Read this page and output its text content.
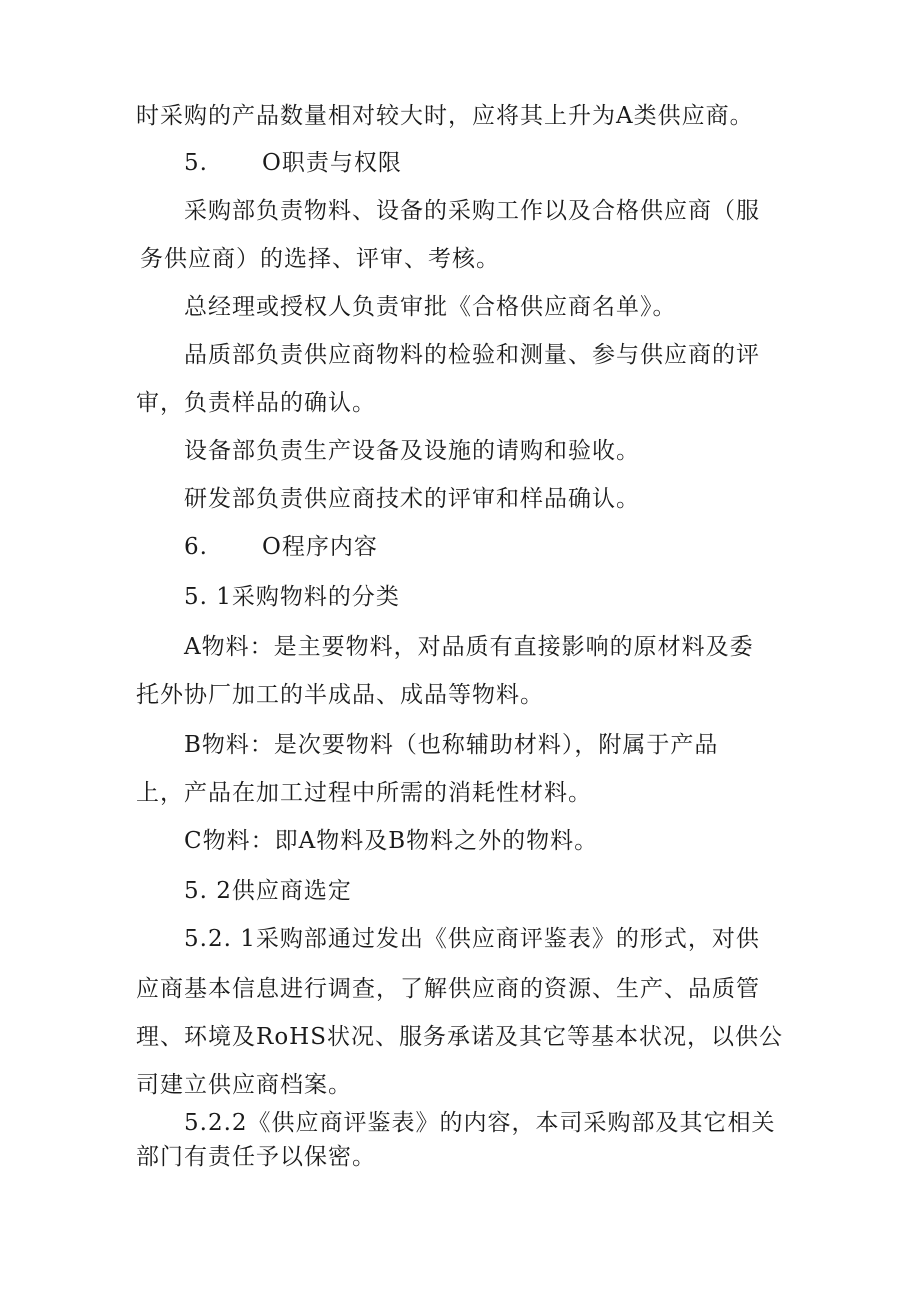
时采购的产品数量相对较大时，应将其上升为A类供应商。

5. O职责与权限

采购部负责物料、设备的采购工作以及合格供应商（服

务供应商）的选择、评审、考核。

总经理或授权人负责审批《合格供应商名单》。

品质部负责供应商物料的检验和测量、参与供应商的评

审，负责样品的确认。

设备部负责生产设备及设施的请购和验收。

研发部负责供应商技术的评审和样品确认。

6. O程序内容

5. 1采购物料的分类

A物料：是主要物料，对品质有直接影响的原材料及委

托外协厂加工的半成品、成品等物料。

B物料：是次要物料（也称辅助材料），附属于产品

上，产品在加工过程中所需的消耗性材料。

C物料：即A物料及B物料之外的物料。

5. 2供应商选定

5.2. 1采购部通过发出《供应商评鉴表》的形式，对供

应商基本信息进行调查，了解供应商的资源、生产、品质管

理、环境及RoHS状况、服务承诺及其它等基本状况，以供公

司建立供应商档案。

5.2.2《供应商评鉴表》的内容，本司采购部及其它相关

部门有责任予以保密。
